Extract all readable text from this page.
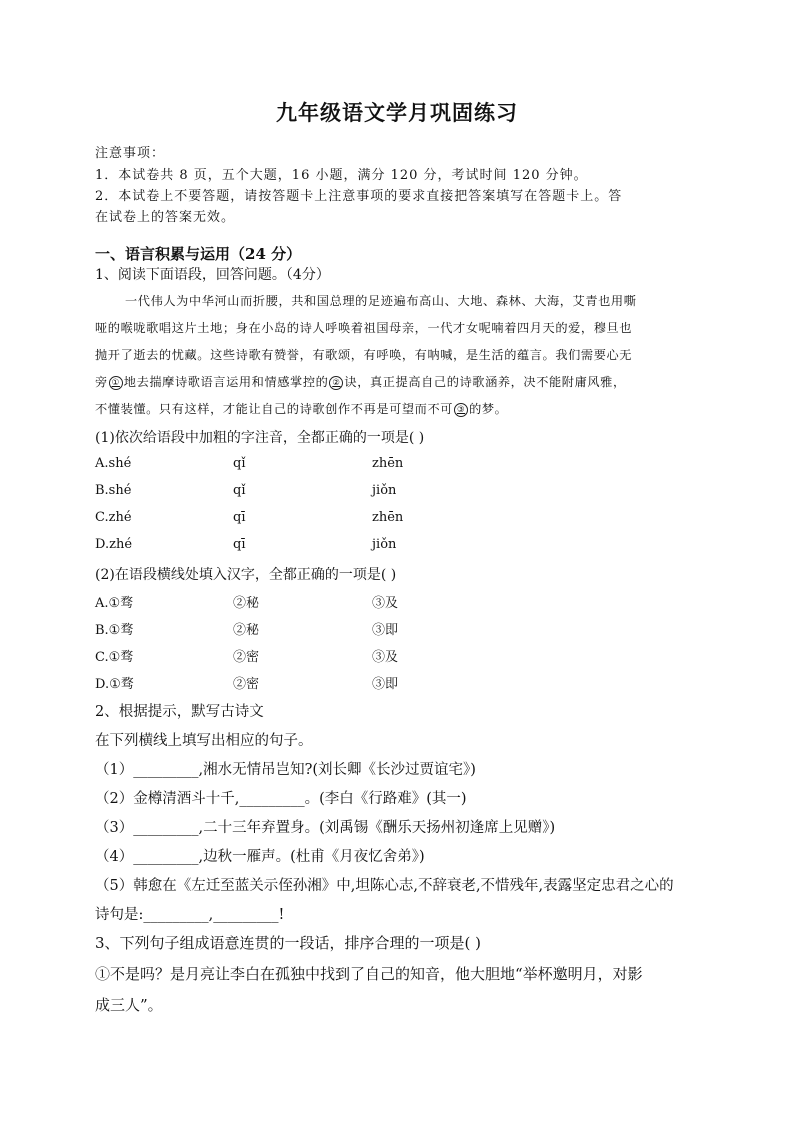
九年级语文学月巩固练习
注意事项：
1．本试卷共 8 页，五个大题，16 小题，满分 120 分，考试时间 120 分钟。
2．本试卷上不要答题，请按答题卡上注意事项的要求直接把答案填写在答题卡上。答
在试卷上的答案无效。
一、语言积累与运用（24 分）
1、阅读下面语段，回答问题。（4分）
一代伟人为中华河山而折腰，共和国总理的足迹遍布高山、大地、森林、大海，艾青也用嘶
哑的喉咙歌唱这片土地；身在小岛的诗人呼唤着祖国母亲，一代才女呢喃着四月天的爱，穆旦也
抛开了逝去的忧藏。这些诗歌有赞誉，有歌颂，有呼唤，有呐喊，是生活的蕴言。我们需要心无
旁 ① 地去揣摩诗歌语言运用和情感掌控的 ② 诀，真正提高自己的诗歌涵养，决不能附庸风雅，
不懂装懂。只有这样，才能让自己的诗歌创作不再是可望而不可 ③ 的梦。
(1)依次给语段中加粗的字注音，全都正确的一项是( )
A.shé	qǐ	zhēn
B.shé	qǐ	jiǒn
C.zhé	qī	zhēn
D.zhé	qī	jiǒn
(2)在语段横线处填入汉字，全都正确的一项是( )
A.①骛	②秘	③及
B.①骛	②秘	③即
C.①骛	②密	③及
D.①骛	②密	③即
2、根据提示，默写古诗文
在下列横线上填写出相应的句子。
（1）_________,湘水无情吊岂知?(刘长卿《长沙过贾谊宅》)
（2）金樽清酒斗十千,_________。(李白《行路难》(其一)
（3）_________,二十三年弃置身。(刘禹锡《酬乐天扬州初逢席上见赠》)
（4）_________,边秋一雁声。(杜甫《月夜忆舍弟》)
（5）韩愈在《左迁至蓝关示侄孙湘》中,坦陈心志,不辞衰老,不惜残年,表露坚定忠君之心的
诗句是:_________,_________!
3、下列句子组成语意连贯的一段话，排序合理的一项是( )
①不是吗？是月亮让李白在孤独中找到了自己的知音，他大胆地“举杯邀明月，对影
成三人”。
